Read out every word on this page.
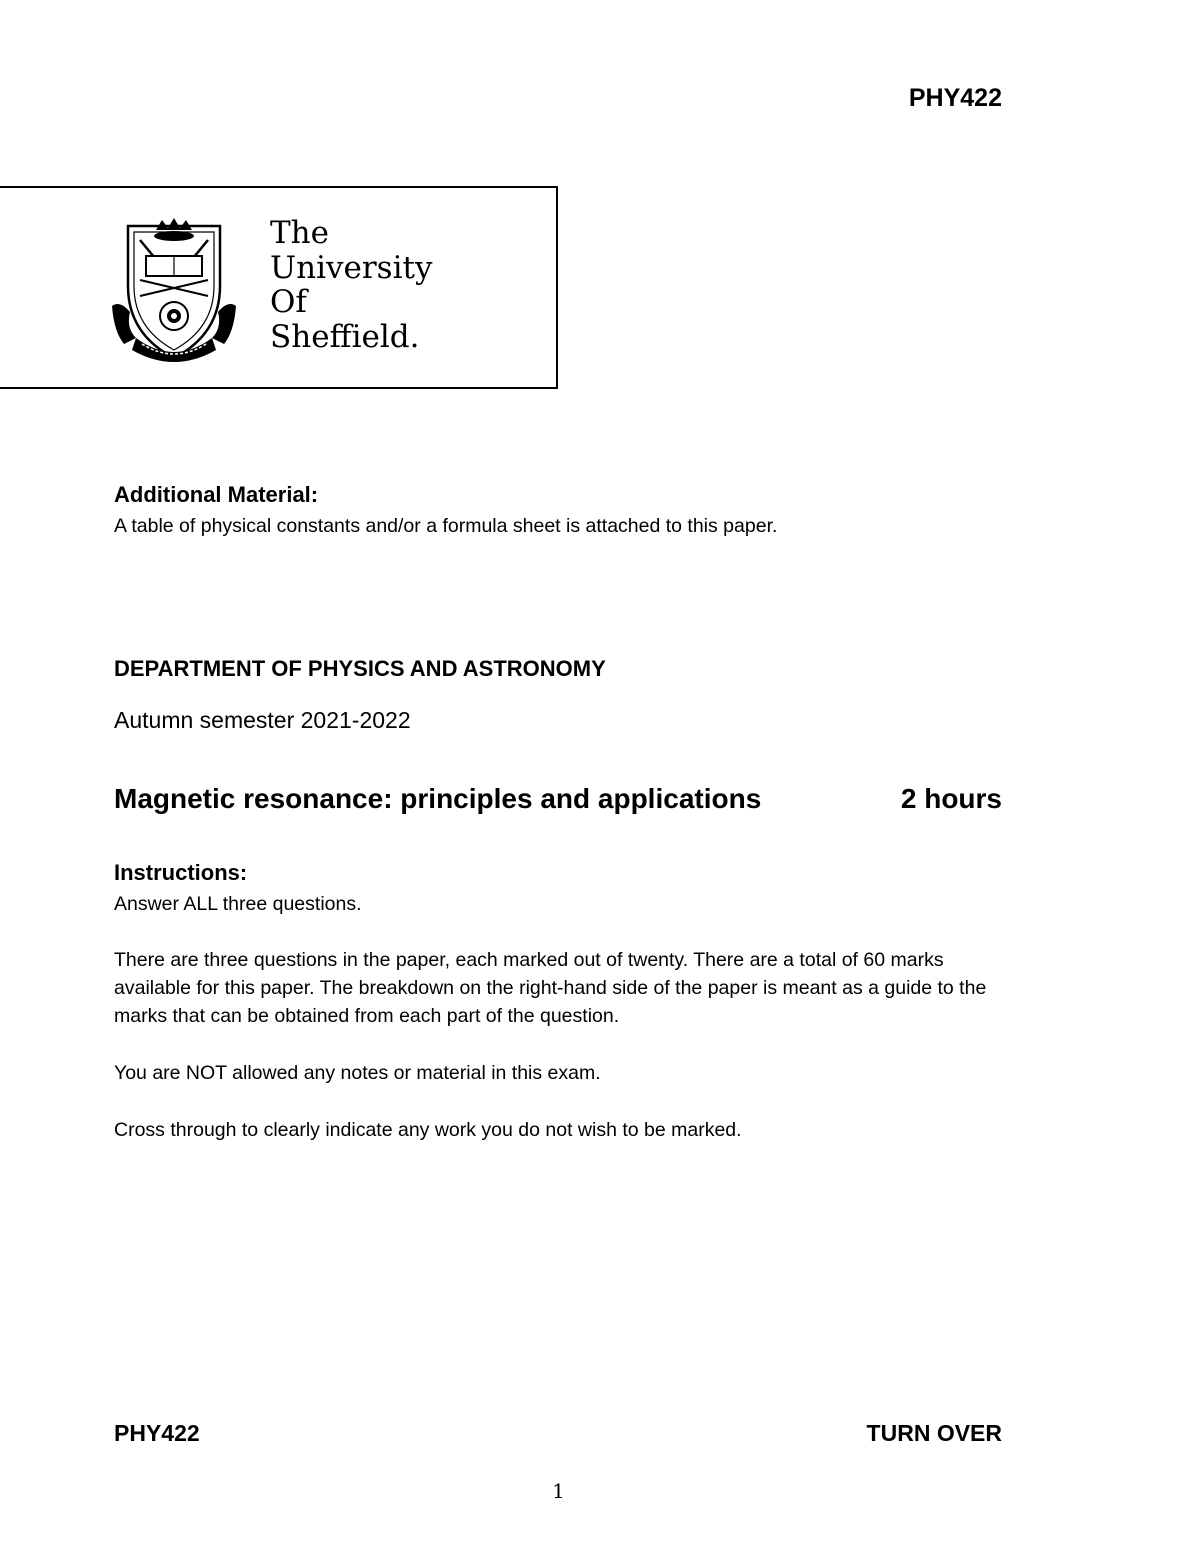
PHY422
The
University
Of
Sheffield.
Additional Material:
A table of physical constants and/or a formula sheet is attached to this paper.
DEPARTMENT OF PHYSICS AND ASTRONOMY
Autumn semester 2021-2022
Magnetic resonance: principles and applications	2 hours
Instructions:
Answer ALL three questions.
There are three questions in the paper, each marked out of twenty. There are a total of 60 marks available for this paper. The breakdown on the right-hand side of the paper is meant as a guide to the marks that can be obtained from each part of the question.
You are NOT allowed any notes or material in this exam.
Cross through to clearly indicate any work you do not wish to be marked.
PHY422	TURN OVER
1
